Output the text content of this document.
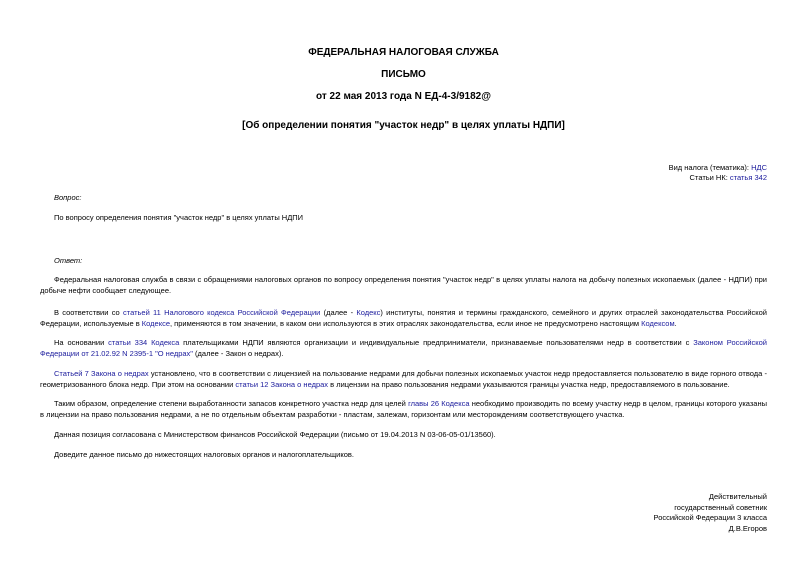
ФЕДЕРАЛЬНАЯ НАЛОГОВАЯ СЛУЖБА
ПИСЬМО
от 22 мая 2013 года N ЕД-4-3/9182@
[Об определении понятия "участок недр" в целях уплаты НДПИ]
Вид налога (тематика): НДС
Статьи НК: статья 342
Вопрос:
По вопросу определения понятия "участок недр" в целях уплаты НДПИ
Ответ:
Федеральная налоговая служба в связи с обращениями налоговых органов по вопросу определения понятия "участок недр" в целях уплаты налога на добычу полезных ископаемых (далее - НДПИ) при добыче нефти сообщает следующее.
В соответствии со статьей 11 Налогового кодекса Российской Федерации (далее - Кодекс) институты, понятия и термины гражданского, семейного и других отраслей законодательства Российской Федерации, используемые в Кодексе, применяются в том значении, в каком они используются в этих отраслях законодательства, если иное не предусмотрено настоящим Кодексом.
На основании статьи 334 Кодекса плательщиками НДПИ являются организации и индивидуальные предприниматели, признаваемые пользователями недр в соответствии с Законом Российской Федерации от 21.02.92 N 2395-1 "О недрах" (далее - Закон о недрах).
Статьей 7 Закона о недрах установлено, что в соответствии с лицензией на пользование недрами для добычи полезных ископаемых участок недр предоставляется пользователю в виде горного отвода - геометризованного блока недр. При этом на основании статьи 12 Закона о недрах в лицензии на право пользования недрами указываются границы участка недр, предоставляемого в пользование.
Таким образом, определение степени выработанности запасов конкретного участка недр для целей главы 26 Кодекса необходимо производить по всему участку недр в целом, границы которого указаны в лицензии на право пользования недрами, а не по отдельным объектам разработки - пластам, залежам, горизонтам или месторождениям соответствующего участка.
Данная позиция согласована с Министерством финансов Российской Федерации (письмо от 19.04.2013 N 03-06-05-01/13560).
Доведите данное письмо до нижестоящих налоговых органов и налогоплательщиков.
Действительный
государственный советник
Российской Федерации 3 класса
Д.В.Егоров
